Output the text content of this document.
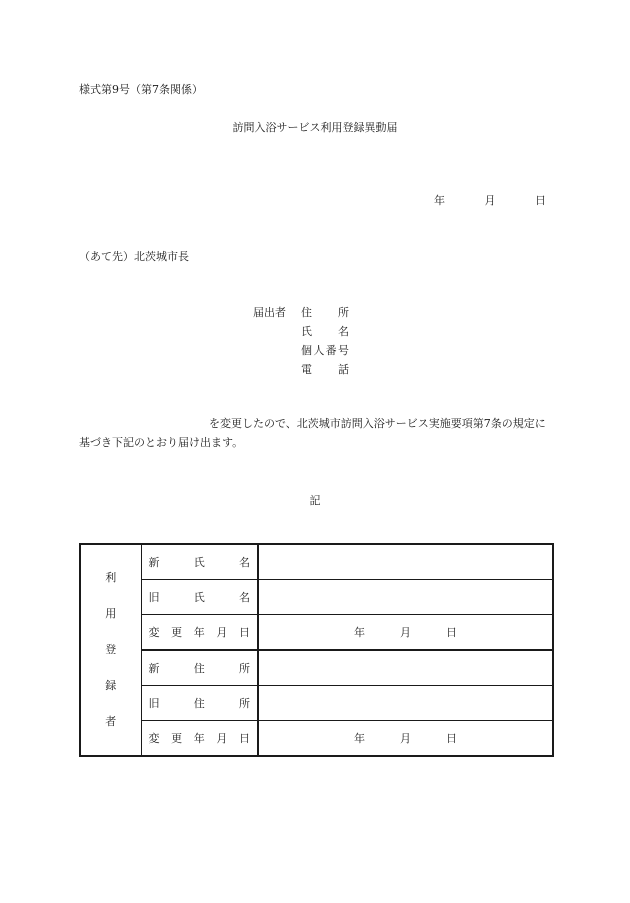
様式第9号（第7条関係）
訪問入浴サービス利用登録異動届
年	月	日
（あて先）北茨城市長
届出者	住 所
氏 名
個 人 番 号
電 話
を変更したので、北茨城市訪問入浴サービス実施要項第7条の規定に基づき下記のとおり届け出ます。
記
利
用
登
録
者	新 氏 名	

	旧 氏 名	

	変 更 年 月 日	年 月 日

	新 住 所	

	旧 住 所	

	変 更 年 月 日	年 月 日
